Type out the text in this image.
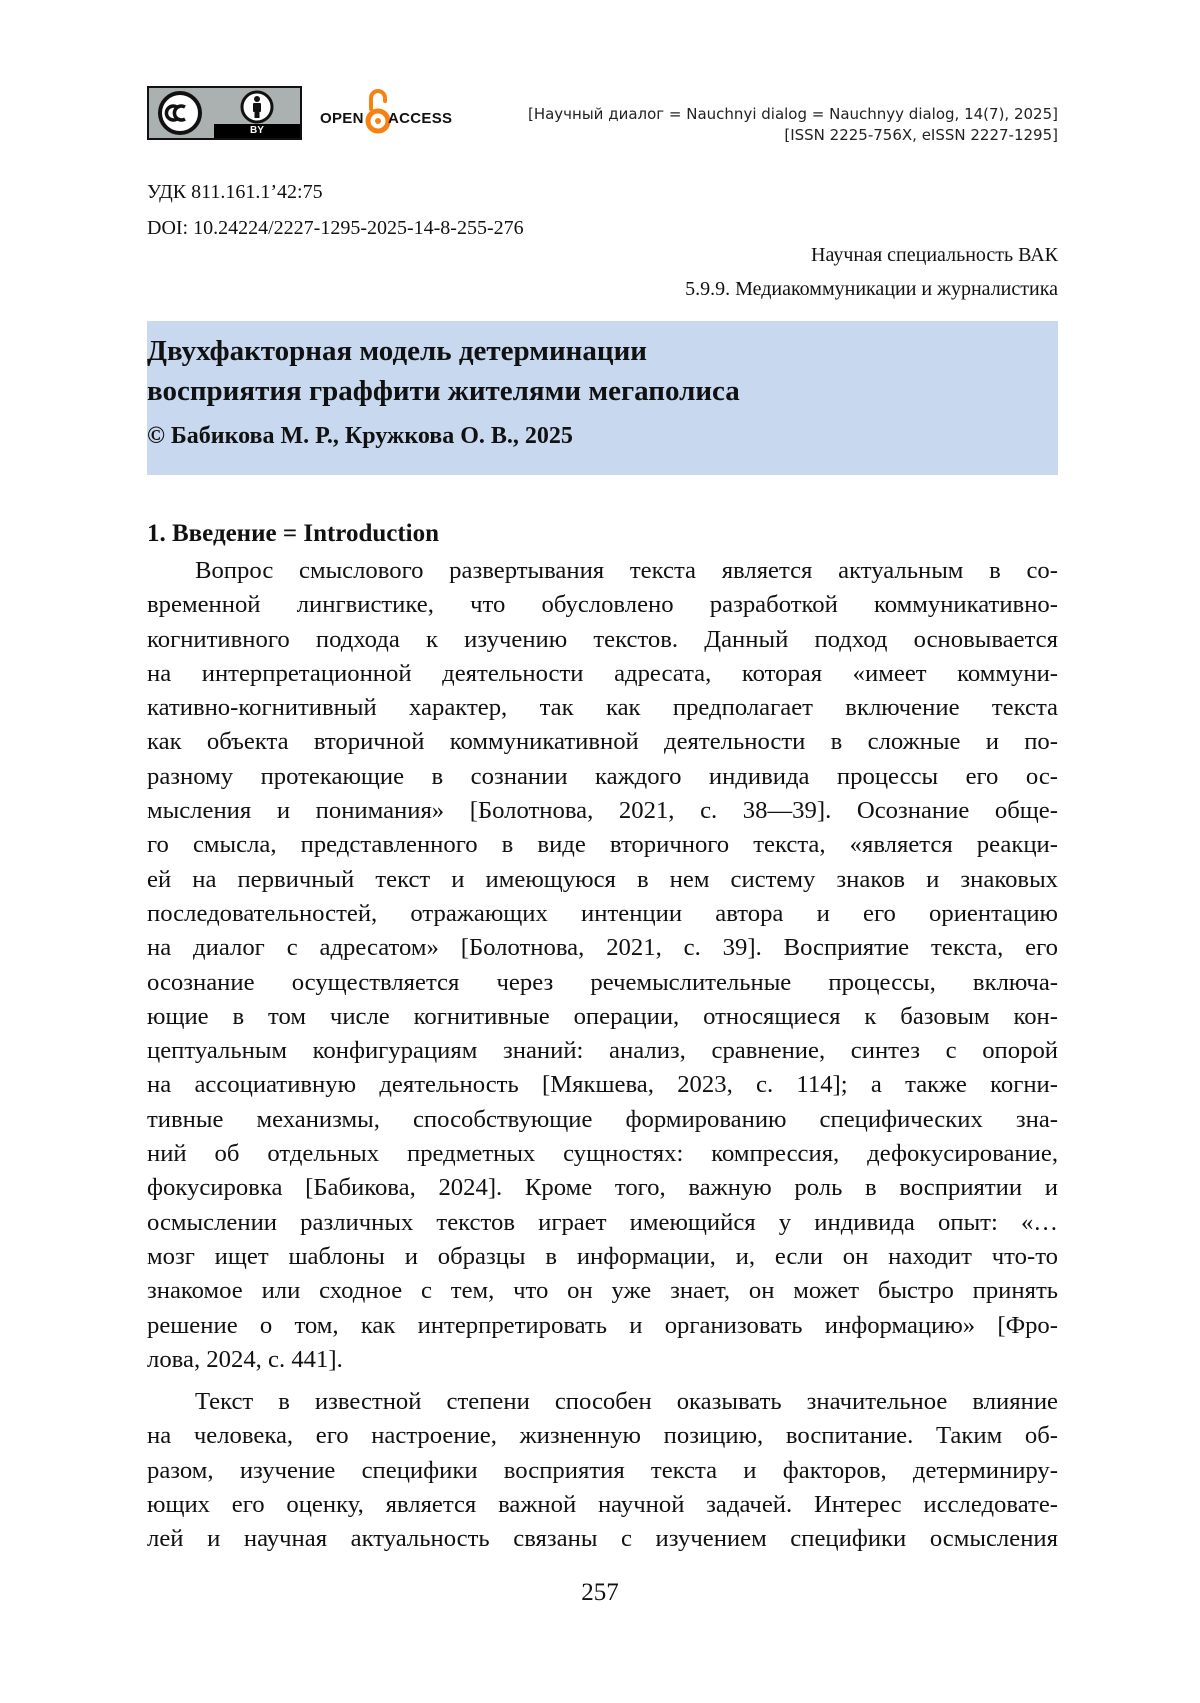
BY
OPEN ACCESS	[Научный диалог = Nauchnyi dialog = Nauchnyy dialog, 14(7), 2025]
[ISSN 2225-756X, eISSN 2227-1295]
УДК 811.161.1’42:75
DOI: 10.24224/2227-1295-2025-14-8-255-276
Научная специальность ВАК
5.9.9. Медиакоммуникации и журналистика
Двухфакторная модель детерминации
восприятия граффити жителями мегаполиса
© Бабикова М. Р., Кружкова О. В., 2025
1. Введение = Introduction
Вопрос смыслового развертывания текста является актуальным в со-
временной лингвистике, что обусловлено разработкой коммуникативно-
когнитивного подхода к изучению текстов. Данный подход основывается
на интерпретационной деятельности адресата, которая «имеет коммуни-
кативно-когнитивный характер, так как предполагает включение текста
как объекта вторичной коммуникативной деятельности в сложные и по-
разному протекающие в сознании каждого индивида процессы его ос-
мысления и понимания» [Болотнова, 2021, с. 38—39]. Осознание обще-
го смысла, представленного в виде вторичного текста, «является реакци-
ей на первичный текст и имеющуюся в нем систему знаков и знаковых
последовательностей, отражающих интенции автора и его ориентацию
на диалог с адресатом» [Болотнова, 2021, с. 39]. Восприятие текста, его
осознание осуществляется через речемыслительные процессы, включа-
ющие в том числе когнитивные операции, относящиеся к базовым кон-
цептуальным конфигурациям знаний: анализ, сравнение, синтез с опорой
на ассоциативную деятельность [Мякшева, 2023, с. 114]; а также когни-
тивные механизмы, способствующие формированию специфических зна-
ний об отдельных предметных сущностях: компрессия, дефокусирование,
фокусировка [Бабикова, 2024]. Кроме того, важную роль в восприятии и
осмыслении различных текстов играет имеющийся у индивида опыт: «…
мозг ищет шаблоны и образцы в информации, и, если он находит что-то
знакомое или сходное с тем, что он уже знает, он может быстро принять
решение о том, как интерпретировать и организовать информацию» [Фро-
лова, 2024, с. 441].
Текст в известной степени способен оказывать значительное влияние
на человека, его настроение, жизненную позицию, воспитание. Таким об-
разом, изучение специфики восприятия текста и факторов, детерминиру-
ющих его оценку, является важной научной задачей. Интерес исследовате-
лей и научная актуальность связаны с изучением специфики осмысления
257
